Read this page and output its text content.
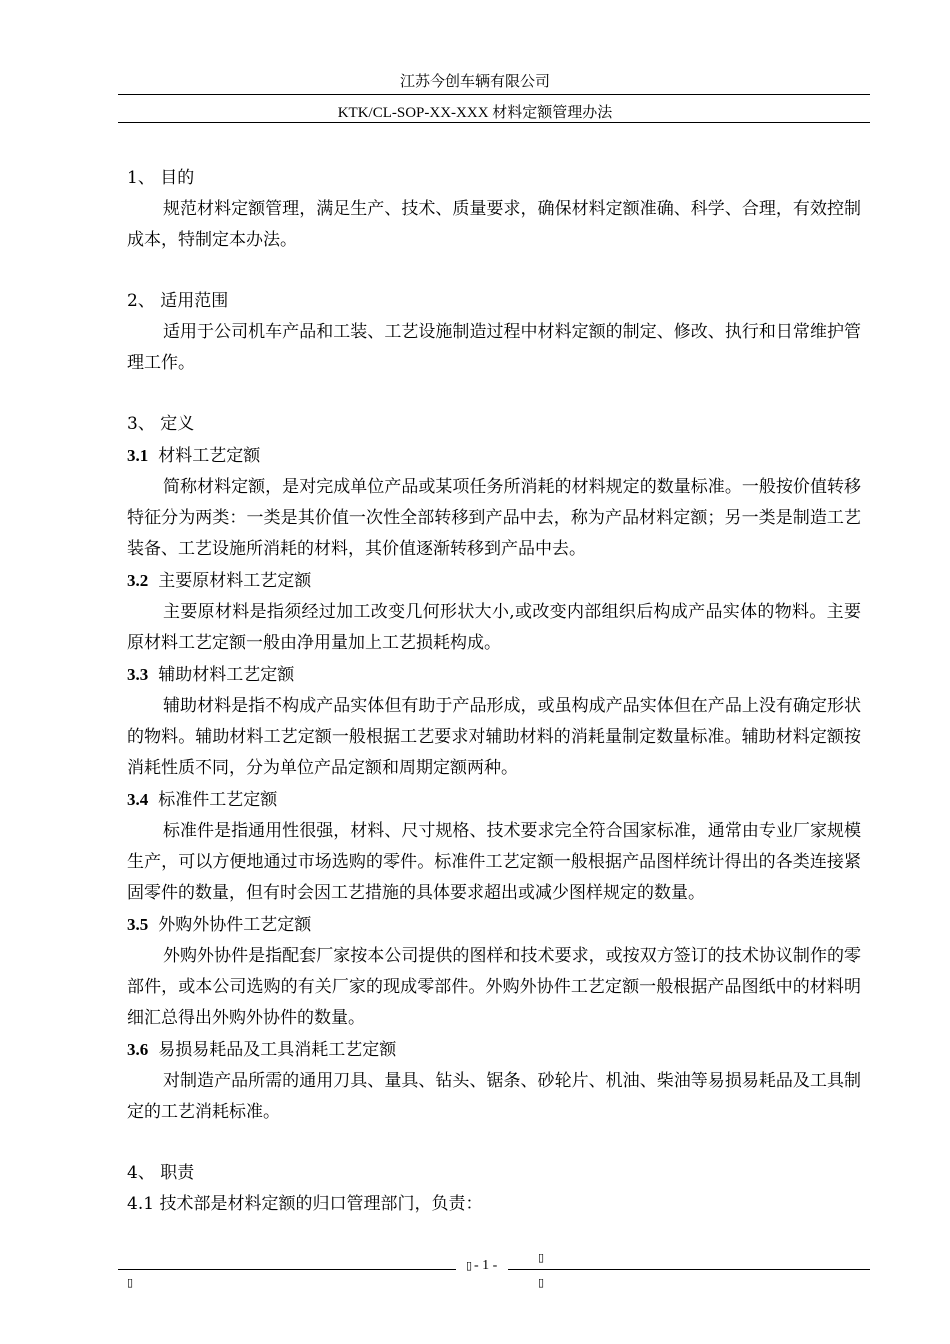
江苏今创车辆有限公司
KTK/CL-SOP-XX-XXX 材料定额管理办法

1、 目的

规范材料定额管理，满足生产、技术、质量要求，确保材料定额准确、科学、合理，有效控制成本，特制定本办法。

2、 适用范围

适用于公司机车产品和工装、工艺设施制造过程中材料定额的制定、修改、执行和日常维护管理工作。

3、 定义

3.1 材料工艺定额

简称材料定额，是对完成单位产品或某项任务所消耗的材料规定的数量标准。一般按价值转移特征分为两类：一类是其价值一次性全部转移到产品中去，称为产品材料定额；另一类是制造工艺装备、工艺设施所消耗的材料，其价值逐渐转移到产品中去。

3.2 主要原材料工艺定额

主要原材料是指须经过加工改变几何形状大小,或改变内部组织后构成产品实体的物料。主要原材料工艺定额一般由净用量加上工艺损耗构成。

3.3 辅助材料工艺定额

辅助材料是指不构成产品实体但有助于产品形成，或虽构成产品实体但在产品上没有确定形状的物料。辅助材料工艺定额一般根据工艺要求对辅助材料的消耗量制定数量标准。辅助材料定额按消耗性质不同，分为单位产品定额和周期定额两种。

3.4 标准件工艺定额

标准件是指通用性很强，材料、尺寸规格、技术要求完全符合国家标准，通常由专业厂家规模生产，可以方便地通过市场选购的零件。标准件工艺定额一般根据产品图样统计得出的各类连接紧固零件的数量，但有时会因工艺措施的具体要求超出或减少图样规定的数量。

3.5 外购外协件工艺定额

外购外协件是指配套厂家按本公司提供的图样和技术要求，或按双方签订的技术协议制作的零部件，或本公司选购的有关厂家的现成零部件。外购外协件工艺定额一般根据产品图纸中的材料明细汇总得出外购外协件的数量。

3.6 易损易耗品及工具消耗工艺定额

对制造产品所需的通用刀具、量具、钻头、锯条、砂轮片、机油、柴油等易损易耗品及工具制定的工艺消耗标准。

4、 职责

4.1 技术部是材料定额的归口管理部门，负责：

▯ - 1 -
▯
▯	▯
